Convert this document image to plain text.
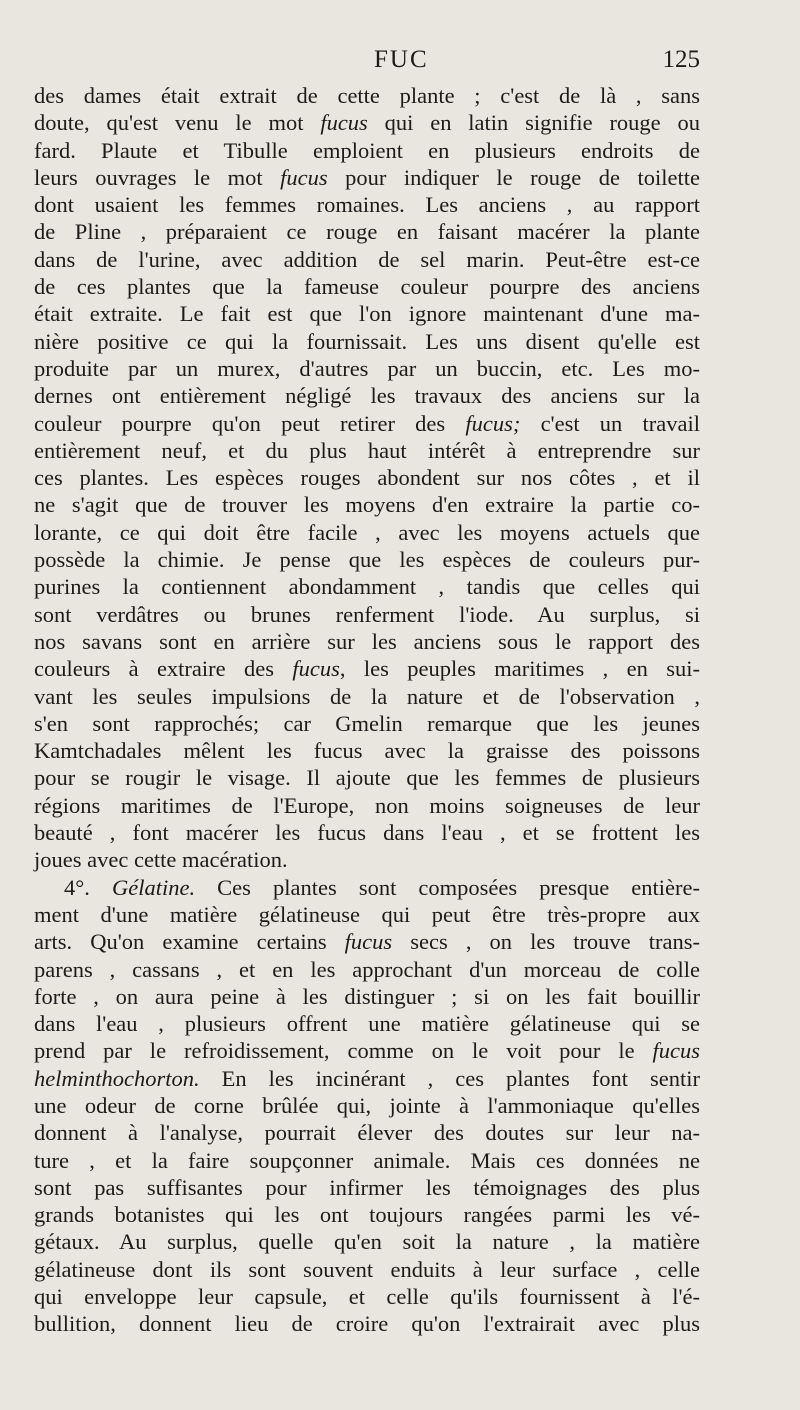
FUC	125
des dames était extrait de cette plante ; c'est de là , sans
doute, qu'est venu le mot fucus qui en latin signifie rouge ou
fard. Plaute et Tibulle emploient en plusieurs endroits de
leurs ouvrages le mot fucus pour indiquer le rouge de toilette
dont usaient les femmes romaines. Les anciens , au rapport
de Pline , préparaient ce rouge en faisant macérer la plante
dans de l'urine, avec addition de sel marin. Peut-être est-ce
de ces plantes que la fameuse couleur pourpre des anciens
était extraite. Le fait est que l'on ignore maintenant d'une ma-
nière positive ce qui la fournissait. Les uns disent qu'elle est
produite par un murex, d'autres par un buccin, etc. Les mo-
dernes ont entièrement négligé les travaux des anciens sur la
couleur pourpre qu'on peut retirer des fucus; c'est un travail
entièrement neuf, et du plus haut intérêt à entreprendre sur
ces plantes. Les espèces rouges abondent sur nos côtes , et il
ne s'agit que de trouver les moyens d'en extraire la partie co-
lorante, ce qui doit être facile , avec les moyens actuels que
possède la chimie. Je pense que les espèces de couleurs pur-
purines la contiennent abondamment , tandis que celles qui
sont verdâtres ou brunes renferment l'iode. Au surplus, si
nos savans sont en arrière sur les anciens sous le rapport des
couleurs à extraire des fucus, les peuples maritimes , en sui-
vant les seules impulsions de la nature et de l'observation ,
s'en sont rapprochés; car Gmelin remarque que les jeunes
Kamtchadales mêlent les fucus avec la graisse des poissons
pour se rougir le visage. Il ajoute que les femmes de plusieurs
régions maritimes de l'Europe, non moins soigneuses de leur
beauté , font macérer les fucus dans l'eau , et se frottent les
joues avec cette macération.
4°. Gélatine. Ces plantes sont composées presque entière-
ment d'une matière gélatineuse qui peut être très-propre aux
arts. Qu'on examine certains fucus secs , on les trouve trans-
parens , cassans , et en les approchant d'un morceau de colle
forte , on aura peine à les distinguer ; si on les fait bouillir
dans l'eau , plusieurs offrent une matière gélatineuse qui se
prend par le refroidissement, comme on le voit pour le fucus
helminthochorton. En les incinérant , ces plantes font sentir
une odeur de corne brûlée qui, jointe à l'ammoniaque qu'elles
donnent à l'analyse, pourrait élever des doutes sur leur na-
ture , et la faire soupçonner animale. Mais ces données ne
sont pas suffisantes pour infirmer les témoignages des plus
grands botanistes qui les ont toujours rangées parmi les vé-
gétaux. Au surplus, quelle qu'en soit la nature , la matière
gélatineuse dont ils sont souvent enduits à leur surface , celle
qui enveloppe leur capsule, et celle qu'ils fournissent à l'é-
bullition, donnent lieu de croire qu'on l'extrairait avec plus
